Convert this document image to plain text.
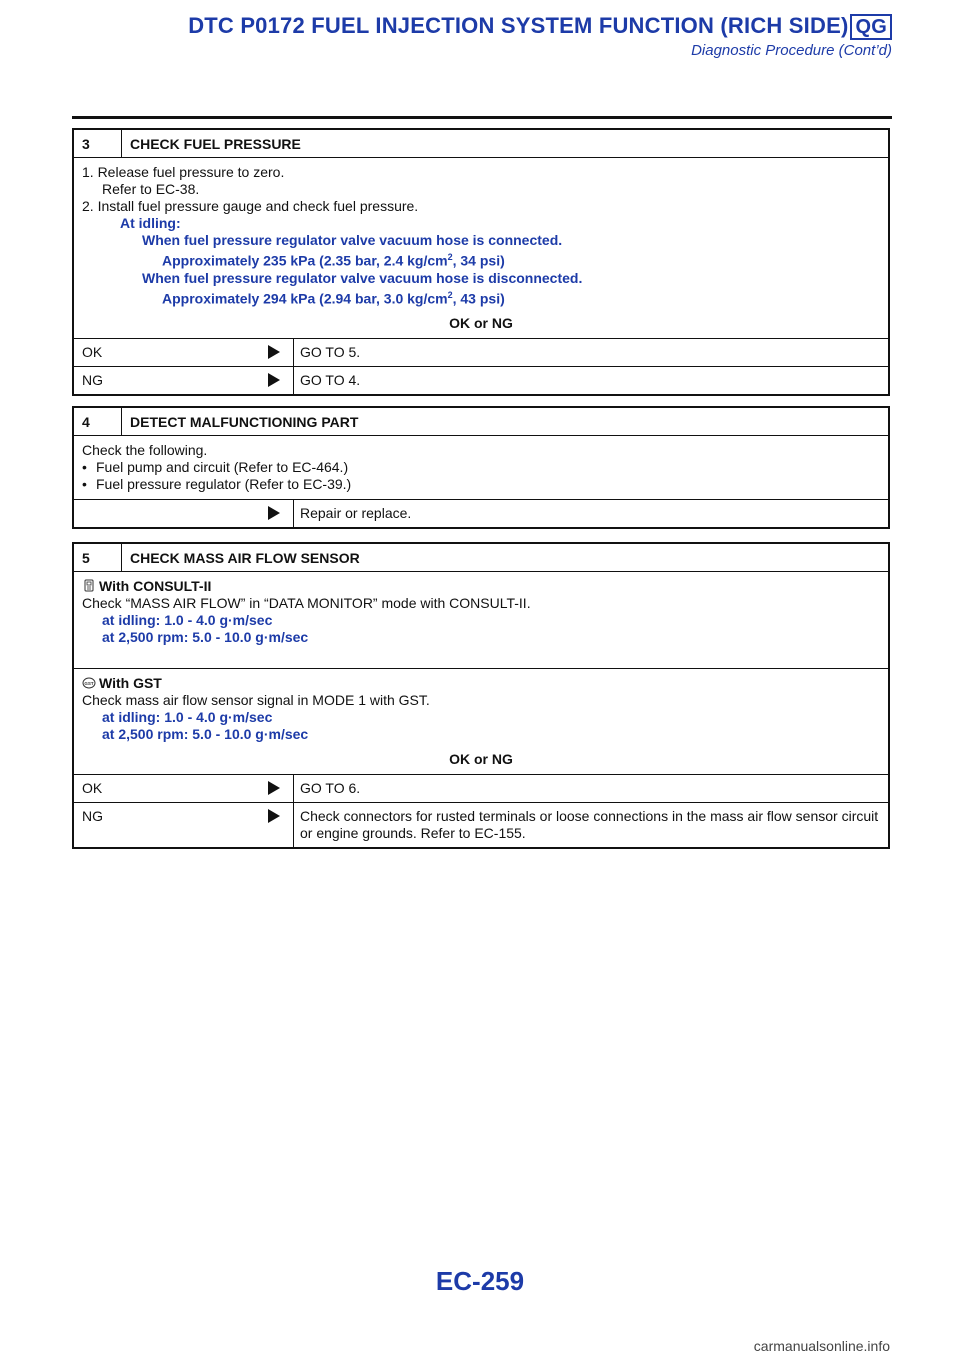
DTC P0172 FUEL INJECTION SYSTEM FUNCTION (RICH SIDE) QG
Diagnostic Procedure (Cont’d)
3	CHECK FUEL PRESSURE
1. Release fuel pressure to zero.
Refer to EC-38.
2. Install fuel pressure gauge and check fuel pressure.
At idling:
When fuel pressure regulator valve vacuum hose is connected.
Approximately 235 kPa (2.35 bar, 2.4 $kg/cm^2$, 34 psi)
When fuel pressure regulator valve vacuum hose is disconnected.
Approximately 294 kPa (2.94 bar, 3.0 $kg/cm^2$, 43 psi)
OK or NG
OK	GO TO 5.
NG	GO TO 4.
4	DETECT MALFUNCTIONING PART
Check the following.
• Fuel pump and circuit (Refer to EC-464.)
• Fuel pressure regulator (Refer to EC-39.)
Repair or replace.
5	CHECK MASS AIR FLOW SENSOR
With CONSULT-II
Check “MASS AIR FLOW” in “DATA MONITOR” mode with CONSULT-II.
at idling: 1.0 - 4.0 g·m/sec
at 2,500 rpm: 5.0 - 10.0 g·m/sec
GST With GST
Check mass air flow sensor signal in MODE 1 with GST.
at idling: 1.0 - 4.0 g·m/sec
at 2,500 rpm: 5.0 - 10.0 g·m/sec
OK or NG
OK	GO TO 6.
NG	Check connectors for rusted terminals or loose connections in the mass air flow sensor circuit or engine grounds. Refer to EC-155.
EC-259
carmanualsonline.info
